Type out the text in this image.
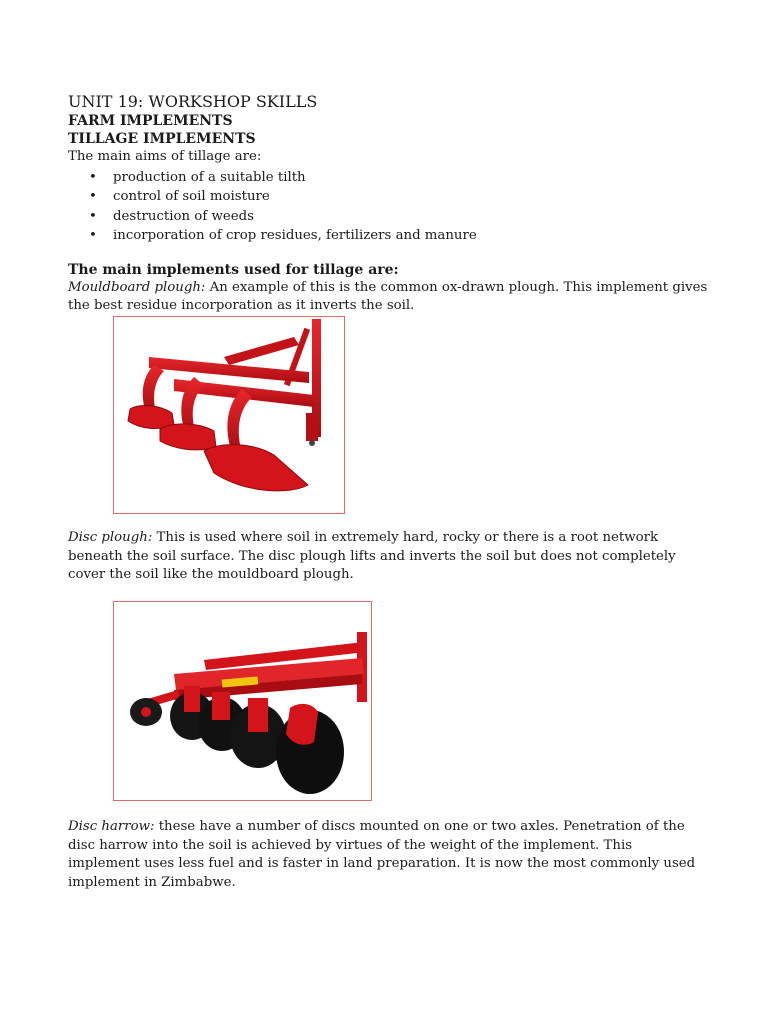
UNIT 19: WORKSHOP SKILLS
FARM IMPLEMENTS
TILLAGE IMPLEMENTS

The main aims of tillage are:

• production of a suitable tilth
• control of soil moisture
• destruction of weeds
• incorporation of crop residues, fertilizers and manure
The main implements used for tillage are:

Mouldboard plough: An example of this is the common ox-drawn plough. This implement gives the best residue incorporation as it inverts the soil.

Disc plough: This is used where soil in extremely hard, rocky or there is a root network beneath the soil surface. The disc plough lifts and inverts the soil but does not completely cover the soil like the mouldboard plough.

Disc harrow: these have a number of discs mounted on one or two axles. Penetration of the disc harrow into the soil is achieved by virtues of the weight of the implement. This implement uses less fuel and is faster in land preparation. It is now the most commonly used implement in Zimbabwe.
